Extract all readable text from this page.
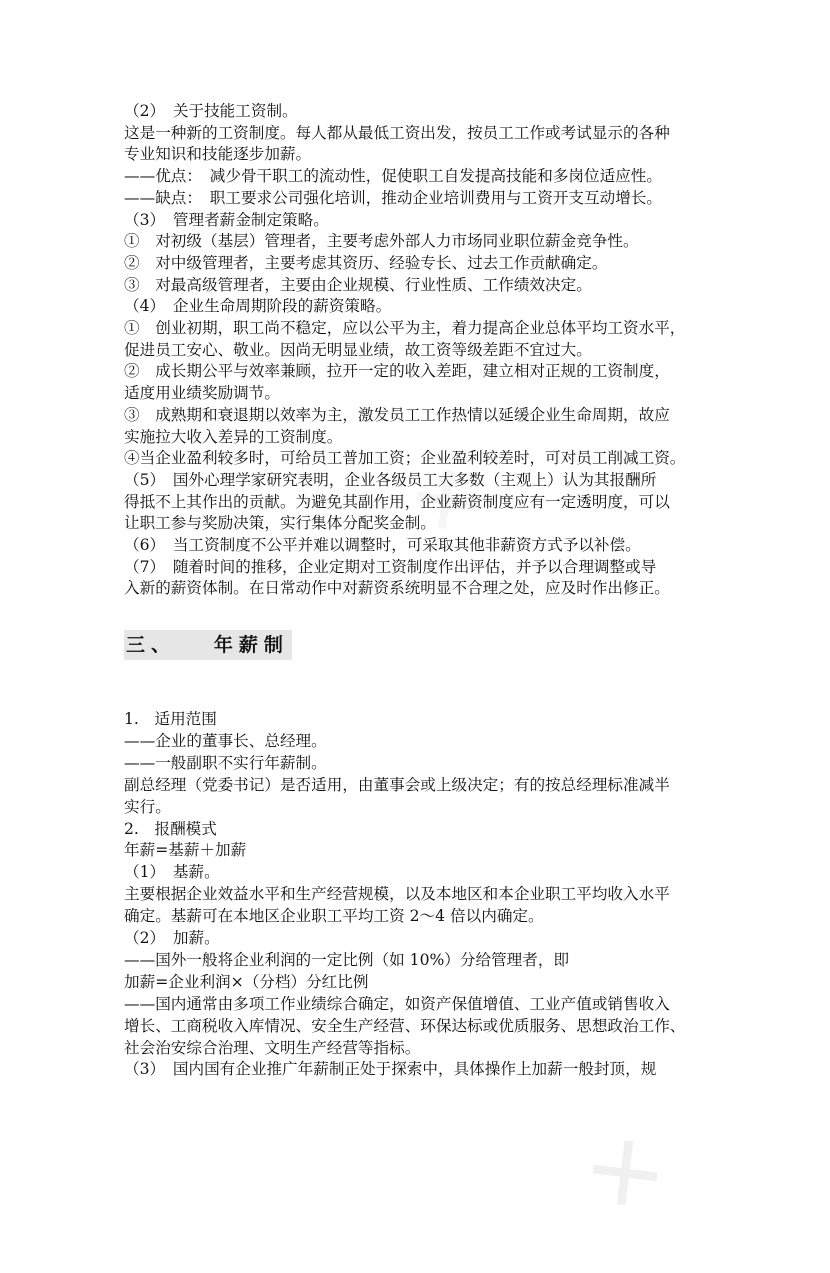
✕
✕
（2）　关于技能工资制。
这是一种新的工资制度。每人都从最低工资出发，按员工工作或考试显示的各种
专业知识和技能逐步加薪。
——优点：　减少骨干职工的流动性，促使职工自发提高技能和多岗位适应性。
——缺点：　职工要求公司强化培训，推动企业培训费用与工资开支互动增长。
（3）　管理者薪金制定策略。
①　对初级（基层）管理者，主要考虑外部人力市场同业职位薪金竞争性。
②　对中级管理者，主要考虑其资历、经验专长、过去工作贡献确定。
③　对最高级管理者，主要由企业规模、行业性质、工作绩效决定。
（4）　企业生命周期阶段的薪资策略。
①　创业初期，职工尚不稳定，应以公平为主，着力提高企业总体平均工资水平，
促进员工安心、敬业。因尚无明显业绩，故工资等级差距不宜过大。
②　成长期公平与效率兼顾，拉开一定的收入差距，建立相对正规的工资制度，
适度用业绩奖励调节。
③　成熟期和衰退期以效率为主，激发员工工作热情以延缓企业生命周期，故应
实施拉大收入差异的工资制度。
④当企业盈利较多时，可给员工普加工资；企业盈利较差时，可对员工削减工资。
（5）　国外心理学家研究表明，企业各级员工大多数（主观上）认为其报酬所
得抵不上其作出的贡献。为避免其副作用，企业薪资制度应有一定透明度，可以
让职工参与奖励决策，实行集体分配奖金制。
（6）　当工资制度不公平并难以调整时，可采取其他非薪资方式予以补偿。
（7）　随着时间的推移，企业定期对工资制度作出评估，并予以合理调整或导
入新的薪资体制。在日常动作中对薪资系统明显不合理之处，应及时作出修正。
三、   年薪制
1.　适用范围
——企业的董事长、总经理。
——一般副职不实行年薪制。
副总经理（党委书记）是否适用，由董事会或上级决定；有的按总经理标准减半
实行。
2.　报酬模式
年薪=基薪＋加薪
（1）　基薪。
主要根据企业效益水平和生产经营规模，以及本地区和本企业职工平均收入水平
确定。基薪可在本地区企业职工平均工资 2～4 倍以内确定。
（2）　加薪。
——国外一般将企业利润的一定比例（如 10%）分给管理者，即
加薪=企业利润×（分档）分红比例
——国内通常由多项工作业绩综合确定，如资产保值增值、工业产值或销售收入
增长、工商税收入库情况、安全生产经营、环保达标或优质服务、思想政治工作、
社会治安综合治理、文明生产经营等指标。
（3）　国内国有企业推广年薪制正处于探索中，具体操作上加薪一般封顶，规
